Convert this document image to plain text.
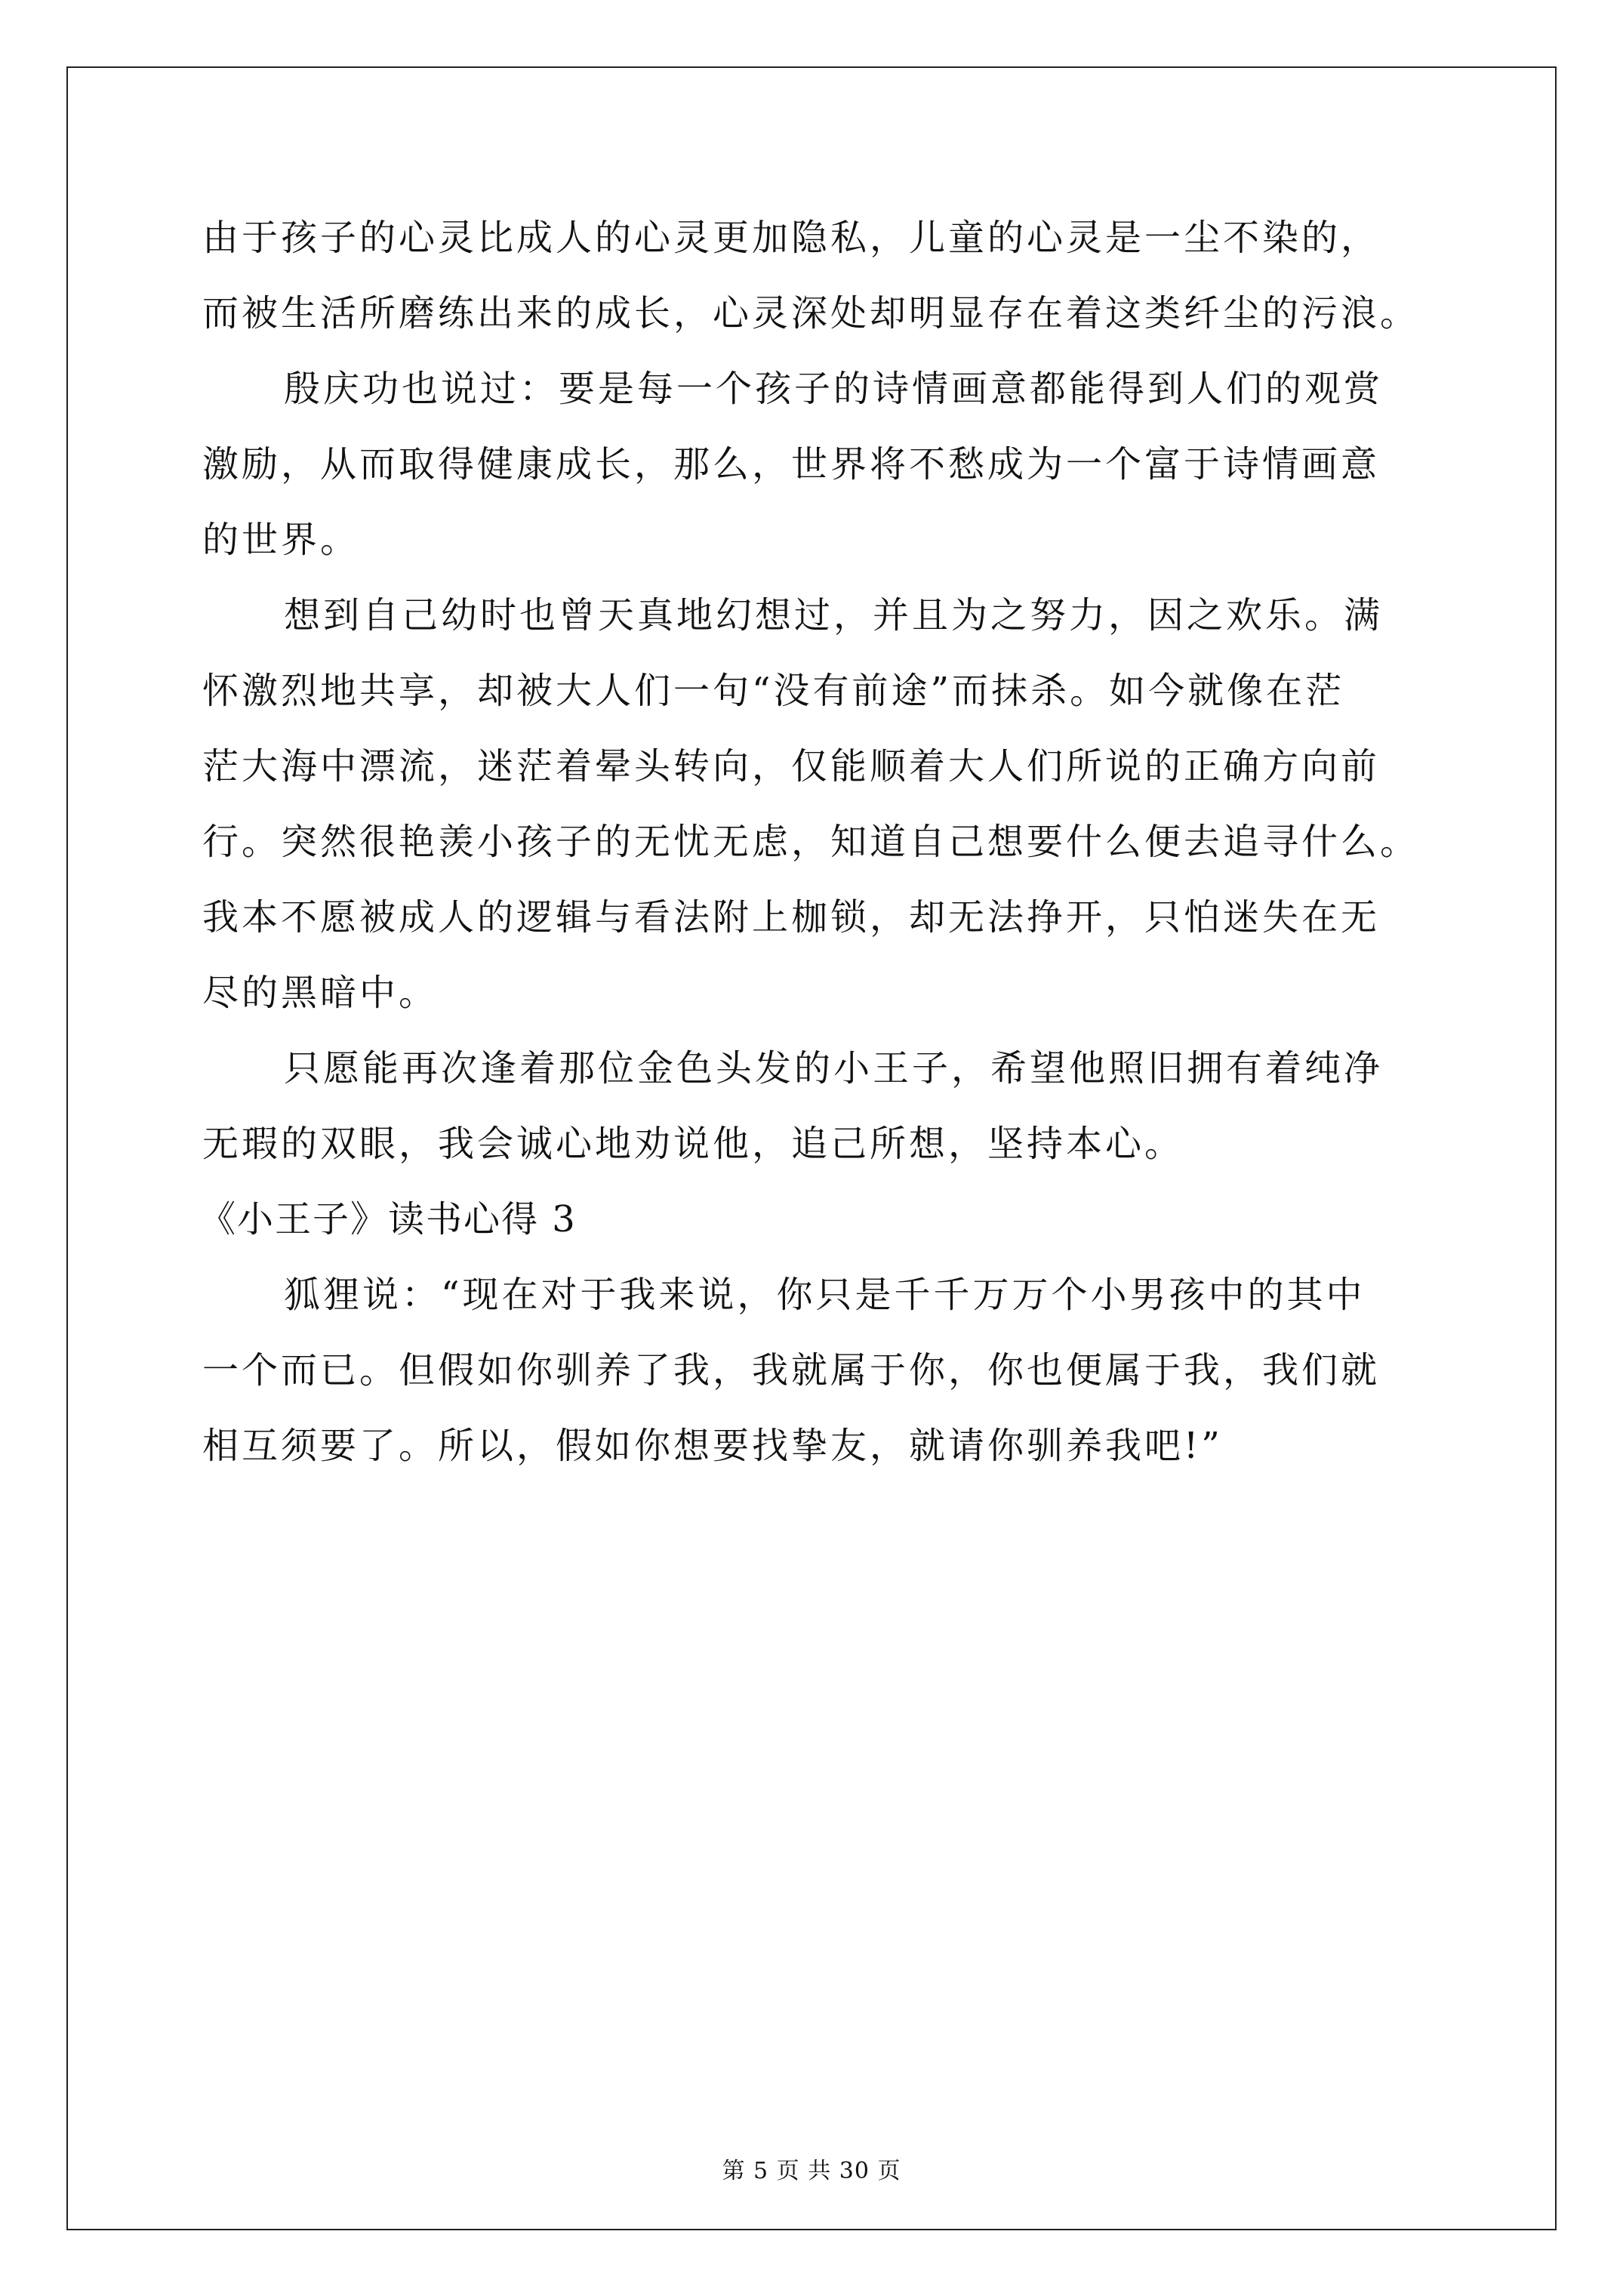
由于孩子的心灵比成人的心灵更加隐私，儿童的心灵是一尘不染的，
而被生活所磨练出来的成长，心灵深处却明显存在着这类纤尘的污浪。
殷庆功也说过：要是每一个孩子的诗情画意都能得到人们的观赏
激励，从而取得健康成长，那么，世界将不愁成为一个富于诗情画意
的世界。
想到自己幼时也曾天真地幻想过，并且为之努力，因之欢乐。满
怀激烈地共享，却被大人们一句“没有前途”而抹杀。如今就像在茫
茫大海中漂流，迷茫着晕头转向，仅能顺着大人们所说的正确方向前
行。突然很艳羡小孩子的无忧无虑，知道自己想要什么便去追寻什么。
我本不愿被成人的逻辑与看法附上枷锁，却无法挣开，只怕迷失在无
尽的黑暗中。
只愿能再次逢着那位金色头发的小王子，希望他照旧拥有着纯净
无瑕的双眼，我会诚心地劝说他，追己所想，坚持本心。
《小王子》读书心得 3
狐狸说：“现在对于我来说，你只是千千万万个小男孩中的其中
一个而已。但假如你驯养了我，我就属于你，你也便属于我，我们就
相互须要了。所以，假如你想要找挚友，就请你驯养我吧!”
第 5 页 共 30 页
